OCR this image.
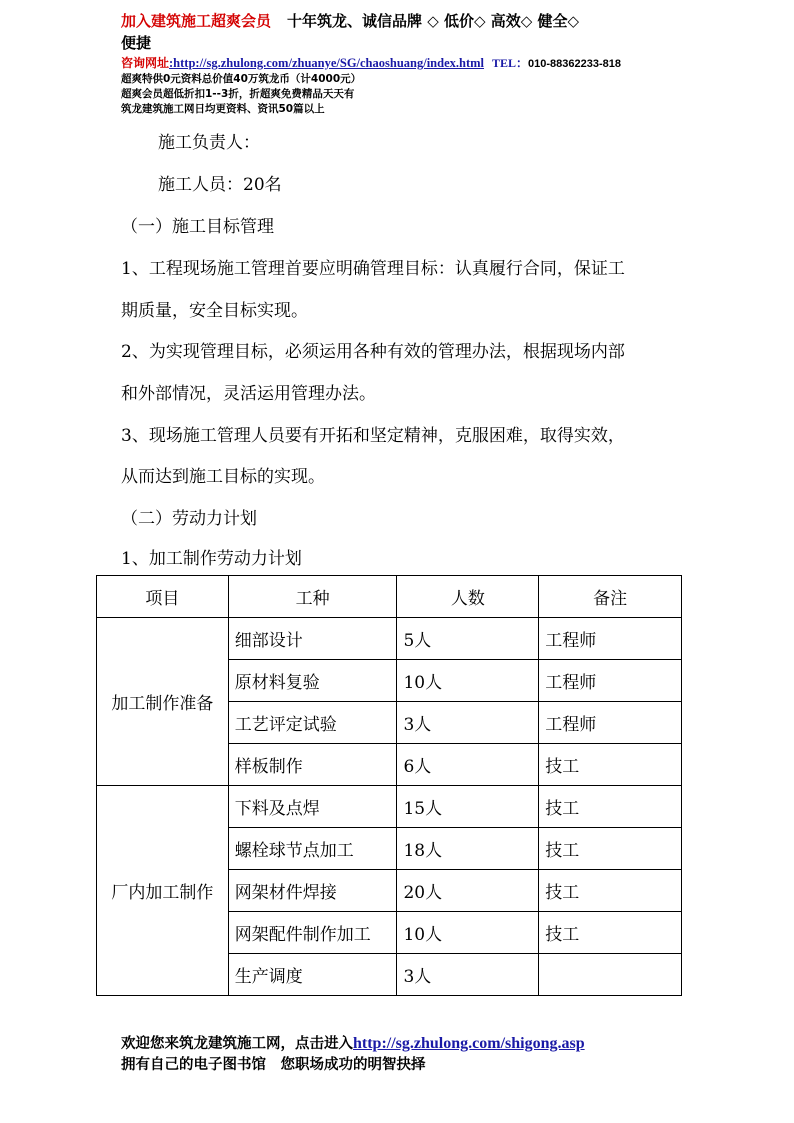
加入建筑施工超爽会员 十年筑龙、诚信品牌 ◇ 低价◇ 高效◇ 健全◇
便捷
咨询网址:http://sg.zhulong.com/zhuanye/SG/chaoshuang/index.html TEL：010-88362233-818
超爽特供0元资料总价值40万筑龙币（计4000元）
超爽会员超低折扣1--3折，折超爽免费精品天天有
筑龙建筑施工网日均更资料、资讯50篇以上
施工负责人：
施工人员：20名
（一）施工目标管理
1、工程现场施工管理首要应明确管理目标：认真履行合同，保证工
期质量，安全目标实现。
2、为实现管理目标，必须运用各种有效的管理办法，根据现场内部
和外部情况，灵活运用管理办法。
3、现场施工管理人员要有开拓和坚定精神，克服困难，取得实效，
从而达到施工目标的实现。
（二）劳动力计划
1、加工制作劳动力计划
项目	工种	人数	备注
加工制作准备	细部设计	5人	工程师
	原材料复验	10人	工程师
	工艺评定试验	3人	工程师
	样板制作	6人	技工
厂内加工制作	下料及点焊	15人	技工
	螺栓球节点加工	18人	技工
	网架材件焊接	20人	技工
	网架配件制作加工	10人	技工
	生产调度	3人	
欢迎您来筑龙建筑施工网，点击进入http://sg.zhulong.com/shigong.asp
拥有自己的电子图书馆　您职场成功的明智抉择
